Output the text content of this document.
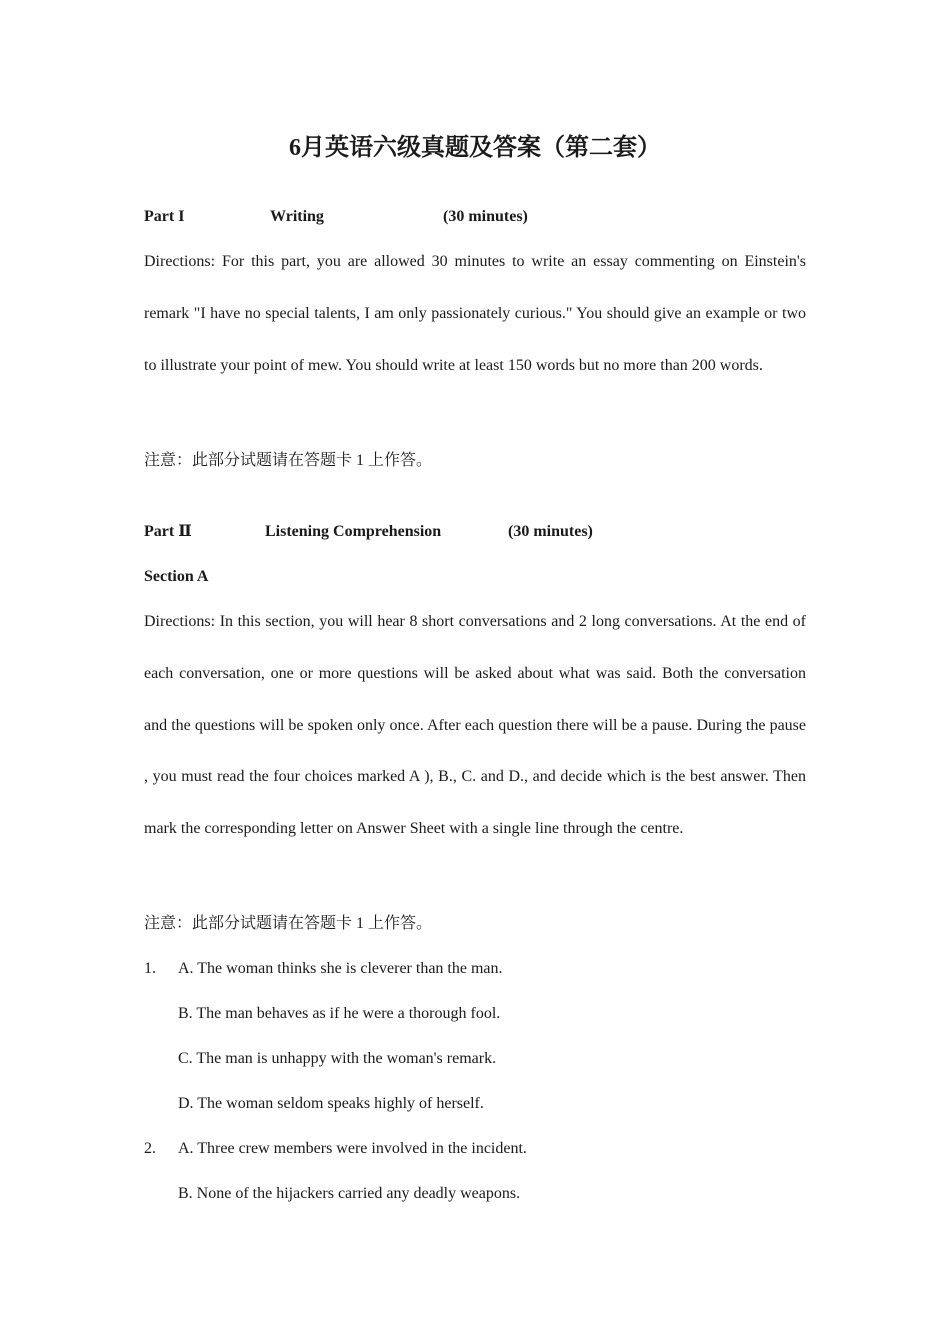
6月英语六级真题及答案（第二套）
Part I	Writing	(30 minutes)

Directions: For this part, you are allowed 30 minutes to write an essay commenting on Einstein's remark "I have no special talents, I am only passionately curious." You should give an example or two to illustrate your point of mew. You should write at least 150 words but no more than 200 words.

注意：此部分试题请在答题卡 1 上作答。
Part Ⅱ	Listening Comprehension	(30 minutes)
Section A

Directions: In this section, you will hear 8 short conversations and 2 long conversations. At the end of each conversation, one or more questions will be asked about what was said. Both the conversation and the questions will be spoken only once. After each question there will be a pause. During the pause , you must read the four choices marked A ), B., C. and D., and decide which is the best answer. Then mark the corresponding letter on Answer Sheet with a single line through the centre.

注意：此部分试题请在答题卡 1 上作答。
1. A. The woman thinks she is cleverer than the man.
B. The man behaves as if he were a thorough fool.
C. The man is unhappy with the woman's remark.
D. The woman seldom speaks highly of herself.
2. A. Three crew members were involved in the incident.
B. None of the hijackers carried any deadly weapons.
